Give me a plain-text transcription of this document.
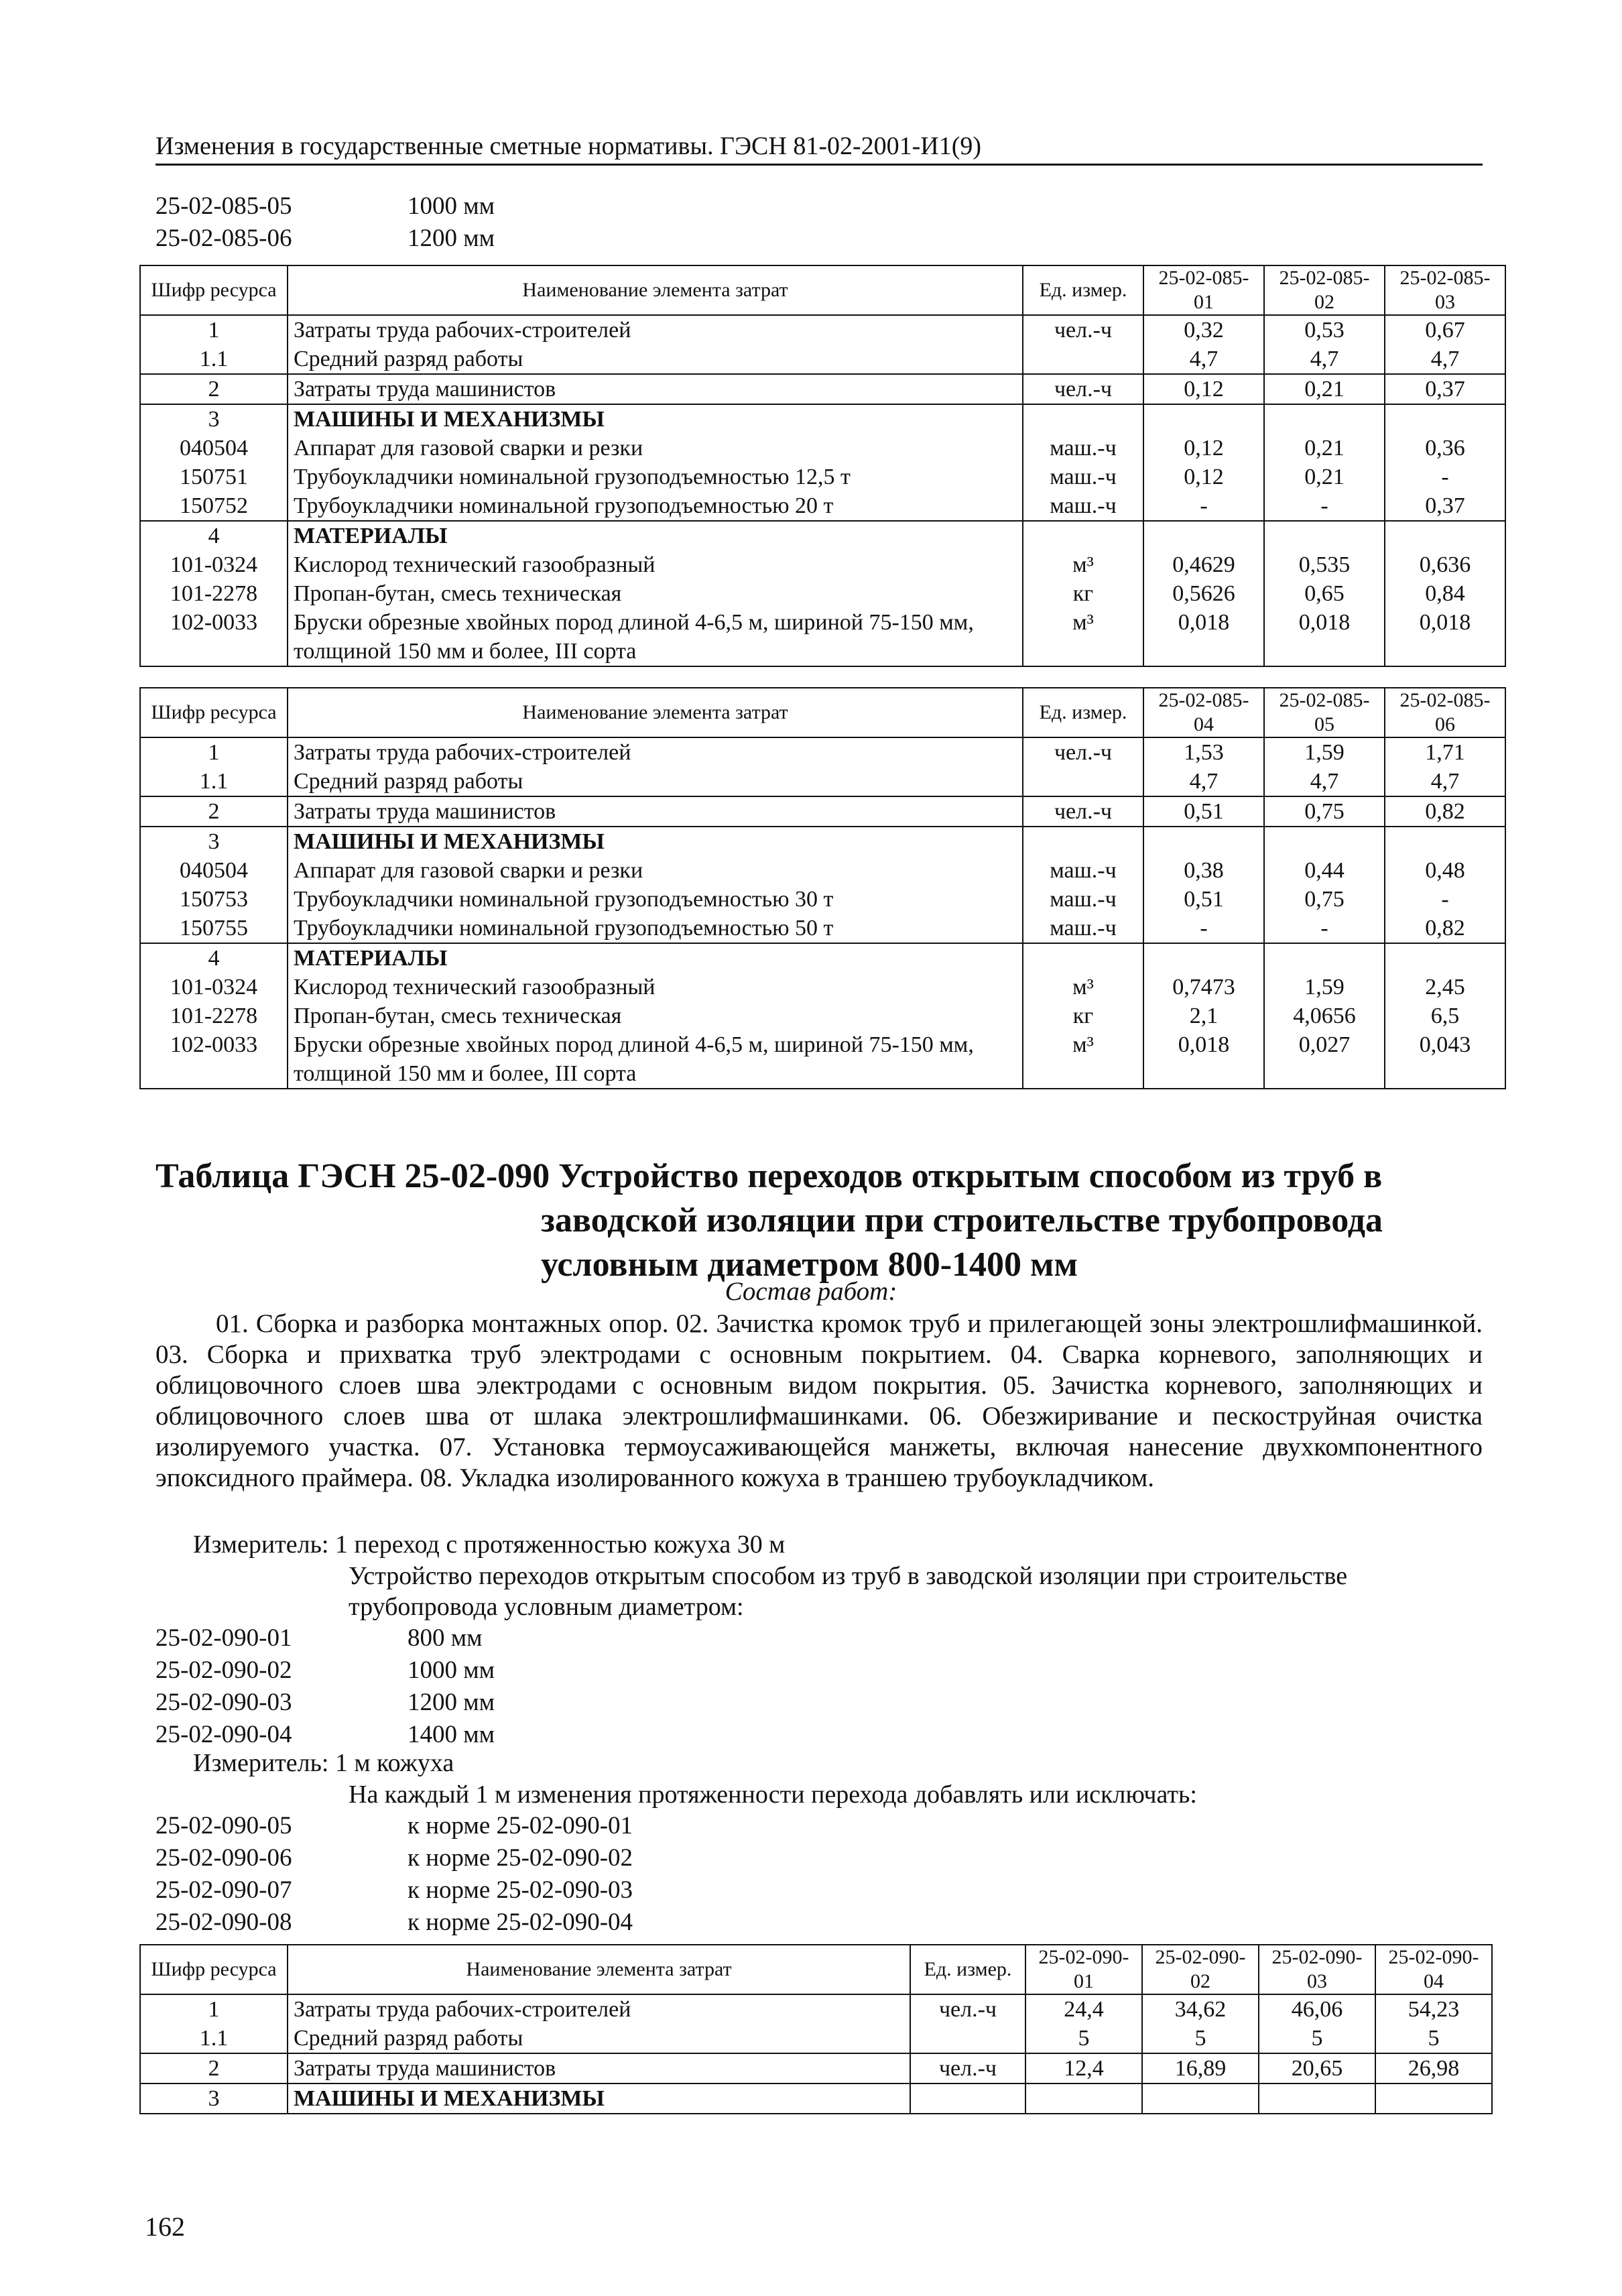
Изменения в государственные сметные нормативы. ГЭСН 81-02-2001-И1(9)
25-02-085-05	1000 мм
25-02-085-06	1200 мм
Шифр ресурса	Наименование элемента затрат	Ед. измер.	25-02-085-01	25-02-085-02	25-02-085-03
1	Затраты труда рабочих-строителей	чел.-ч	0,32	0,53	0,67
1.1	Средний разряд работы		4,7	4,7	4,7
2	Затраты труда машинистов	чел.-ч	0,12	0,21	0,37
3	МАШИНЫ И МЕХАНИЗМЫ				
040504	Аппарат для газовой сварки и резки	маш.-ч	0,12	0,21	0,36
150751	Трубоукладчики номинальной грузоподъемностью 12,5 т	маш.-ч	0,12	0,21	-
150752	Трубоукладчики номинальной грузоподъемностью 20 т	маш.-ч	-	-	0,37
4	МАТЕРИАЛЫ				
101-0324	Кислород технический газообразный	м³	0,4629	0,535	0,636
101-2278	Пропан-бутан, смесь техническая	кг	0,5626	0,65	0,84
102-0033	Бруски обрезные хвойных пород длиной 4-6,5 м, шириной 75-150 мм, толщиной 150 мм и более, III сорта	м³	0,018	0,018	0,018
Шифр ресурса	Наименование элемента затрат	Ед. измер.	25-02-085-04	25-02-085-05	25-02-085-06
1	Затраты труда рабочих-строителей	чел.-ч	1,53	1,59	1,71
1.1	Средний разряд работы		4,7	4,7	4,7
2	Затраты труда машинистов	чел.-ч	0,51	0,75	0,82
3	МАШИНЫ И МЕХАНИЗМЫ				
040504	Аппарат для газовой сварки и резки	маш.-ч	0,38	0,44	0,48
150753	Трубоукладчики номинальной грузоподъемностью 30 т	маш.-ч	0,51	0,75	-
150755	Трубоукладчики номинальной грузоподъемностью 50 т	маш.-ч	-	-	0,82
4	МАТЕРИАЛЫ				
101-0324	Кислород технический газообразный	м³	0,7473	1,59	2,45
101-2278	Пропан-бутан, смесь техническая	кг	2,1	4,0656	6,5
102-0033	Бруски обрезные хвойных пород длиной 4-6,5 м, шириной 75-150 мм, толщиной 150 мм и более, III сорта	м³	0,018	0,027	0,043
Таблица ГЭСН 25-02-090 Устройство переходов открытым способом из труб в
заводской изоляции при строительстве трубопровода
условным диаметром 800-1400 мм
Состав работ:
01. Сборка и разборка монтажных опор. 02. Зачистка кромок труб и прилегающей зоны электрошлифмашинкой. 03. Сборка и прихватка труб электродами с основным покрытием. 04. Сварка корневого, заполняющих и облицовочного слоев шва электродами с основным видом покрытия. 05. Зачистка корневого, заполняющих и облицовочного слоев шва от шлака электрошлифмашинками. 06. Обезжиривание и пескоструйная очистка изолируемого участка. 07. Установка термоусаживающейся манжеты, включая нанесение двухкомпонентного эпоксидного праймера. 08. Укладка изолированного кожуха в траншею трубоукладчиком.
Измеритель: 1 переход с протяженностью кожуха 30 м
Устройство переходов открытым способом из труб в заводской изоляции при строительстве трубопровода условным диаметром:
25-02-090-01	800 мм
25-02-090-02	1000 мм
25-02-090-03	1200 мм
25-02-090-04	1400 мм
Измеритель: 1 м кожуха
На каждый 1 м изменения протяженности перехода добавлять или исключать:
25-02-090-05	к норме 25-02-090-01
25-02-090-06	к норме 25-02-090-02
25-02-090-07	к норме 25-02-090-03
25-02-090-08	к норме 25-02-090-04
Шифр ресурса	Наименование элемента затрат	Ед. измер.	25-02-090-01	25-02-090-02	25-02-090-03	25-02-090-04
1	Затраты труда рабочих-строителей	чел.-ч	24,4	34,62	46,06	54,23
1.1	Средний разряд работы		5	5	5	5
2	Затраты труда машинистов	чел.-ч	12,4	16,89	20,65	26,98
3	МАШИНЫ И МЕХАНИЗМЫ					
162
